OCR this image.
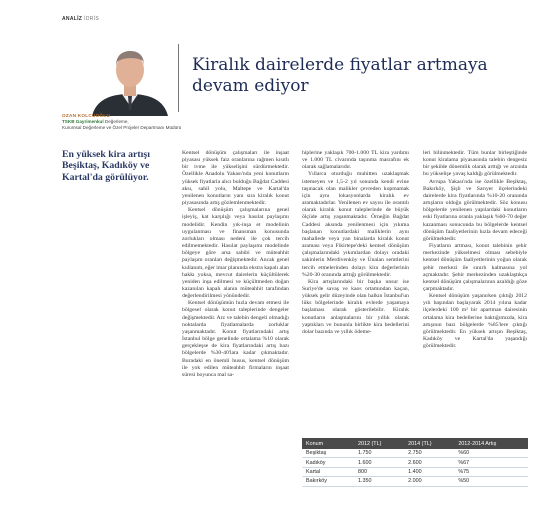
ANALİZ İDRİS
Kiralık dairelerde fiyatlar artmaya devam ediyor
OZAN KOLCUOĞLU
TSKB Gayrimenkul Değerleme,
Kurumsal Değerleme ve Özel Projeler Departmanı Müdürü
En yüksek kira artışı Beşiktaş, Kadıköy ve Kartal'da görülüyor.

Kentsel dönüşüm çalışmaları ile inşaat piyasası yüksek faiz oranlarına rağmen kısıtlı bir ivme ile yükselişini sürdürmektedir. Özellikle Anadolu Yakası'nda yeni konutların yüksek fiyatlarla alıcı bulduğu Bağdat Caddesi aksı, sahil yolu, Maltepe ve Kartal'da yenilenen konutların yanı sıra kiralık konut piyasasında artış gözlemlenmektedir.

Kentsel dönüşüm çalışmalarına genel işleyiş, kat karşılığı veya hasılat paylaşımı modelidir. Kendin yık-inşa et modelinin uygulanması ve finansman konusunda zorlukları olması nedeni ile çok tercih edilmemektedir. Hasılat paylaşımı modelinde bölgeye göre arsa sahibi ve müteahhit paylaşım oranları değişmektedir. Ancak genel kullanım, eğer imar planında ekstra kapalı alan hakkı yoksa, mevcut dairelerin küçültülerek yeniden inşa edilmesi ve küçültmeden doğan kazanılan kapalı alanın müteahhit tarafından değerlendirilmesi yönündedir.

Kentsel dönüşümün hızla devam etmesi ile bölgesel olarak konut taleplerinde dengeler değişmektedir. Arz ve talebin dengeli olmadığı noktalarda fiyatlamalarda zorluklar yaşanmaktadır. Konut fiyatlarındaki artış İstanbul bölge genelinde ortalama %10 olarak gerçekleşse de kira fiyatlarındaki artış bazı bölgelerde %30-40'lara kadar çıkmaktadır. Buradaki en önemli husus, kentsel dönüşüm ile yok edilen müteahhit firmaların inşaat süresi boyunca mal sa-

hiplerine yaklaşık 700-1.000 TL kira yardımı ve 1.000 TL civarında taşınma masrafını ek olarak sağlamalarıdır.

Yıllarca oturduğu muhitten uzaklaşmak istemeyen ve 1,5-2 yıl sonunda kendi evine taşınacak olan malikler çevreden kopmamak için aynı lokasyonlarda kiralık ev aramaktadırlar. Yenilenen ev sayısı ile orantılı olarak kiralık konut taleplerinde de büyük ölçüde artış yaşanmaktadır. Örneğin Bağdat Caddesi aksında yenilenmesi için yıkıma başlanan konutlardaki maliklerin aynı mahallede veya yan binalarda kiralık konut araması veya Fikirtepe'deki kentsel dönüşüm çalışmalarındaki yıkımlardan dolayı oradaki sakinlerin Merdivenköy ve Ünalan semtlerini tercih etmelerinden dolayı kira değerlerinin %20-30 oranında arttığı görülmektedir.

Kira artışlarındaki bir başka unsur ise Suriye'de savaş ve kaos ortamından kaçan, yüksek gelir düzeyinde olan halkın İstanbul'un lüks bölgelerinde kiralık evlerde yaşamaya başlaması olarak gösterilebilir. Kiralık konutların anlaşmalarını bir yıllık olarak yaptıkları ve bununla birlikte kira bedellerini dolar bazında ve yıllık ödeme-

leri bilinmektedir. Tüm bunlar birleştiğinde konut kiralama piyasasında talebin dengesiz bir şekilde dönemlik olarak arttığı ve arzında bu yükselişe yavaş kaldığı görülmektedir.

Avrupa Yakası'nda ise özellikle Beşiktaş, Bakırköy, Şişli ve Sarıyer ilçelerindeki dairelerde kira fiyatlarında %10-20 oranında artışların olduğu görülmektedir. Söz konusu bölgelerde yenilenen yapılardaki konutların eski fiyatlarına oranla yaklaşık %60-70 değer kazanması sonucunda bu bölgelerde kentsel dönüşüm faaliyetlerinin hızla devam edeceği görülmektedir.

Fiyatların artması, konut talebinin şehir merkezinde yükselmesi olması sebebiyle kentsel dönüşüm faaliyetlerinin yoğun olarak şehir merkezi ile sınırlı kalmasına yol açmaktadır. Şehir merkezinden uzaklaştıkça kentsel dönüşüm çalışmalarının azaldığı göze çarpmaktadır.

Kentsel dönüşüm yaşanırken çıktığı 2012 yılı başından başlayarak 2014 yılına kadar ilçelerdeki 100 m² bir apartman dairesinin ortalama kira bedellerine baktığımızda, kira artışının bazı bölgelerde %85'lere çıktığı görülmektedir. En yüksek artışın Beşiktaş, Kadıköy ve Kartal'da yaşandığı görülmektedir.

Konum	2012 (TL)	2014 (TL)	2012-2014 Artış
Beşiktaş	1.750	2.750	%60
Kadıköy	1.600	2.600	%67
Kartal	800	1.400	%75
Bakırköy	1.350	2.000	%50
